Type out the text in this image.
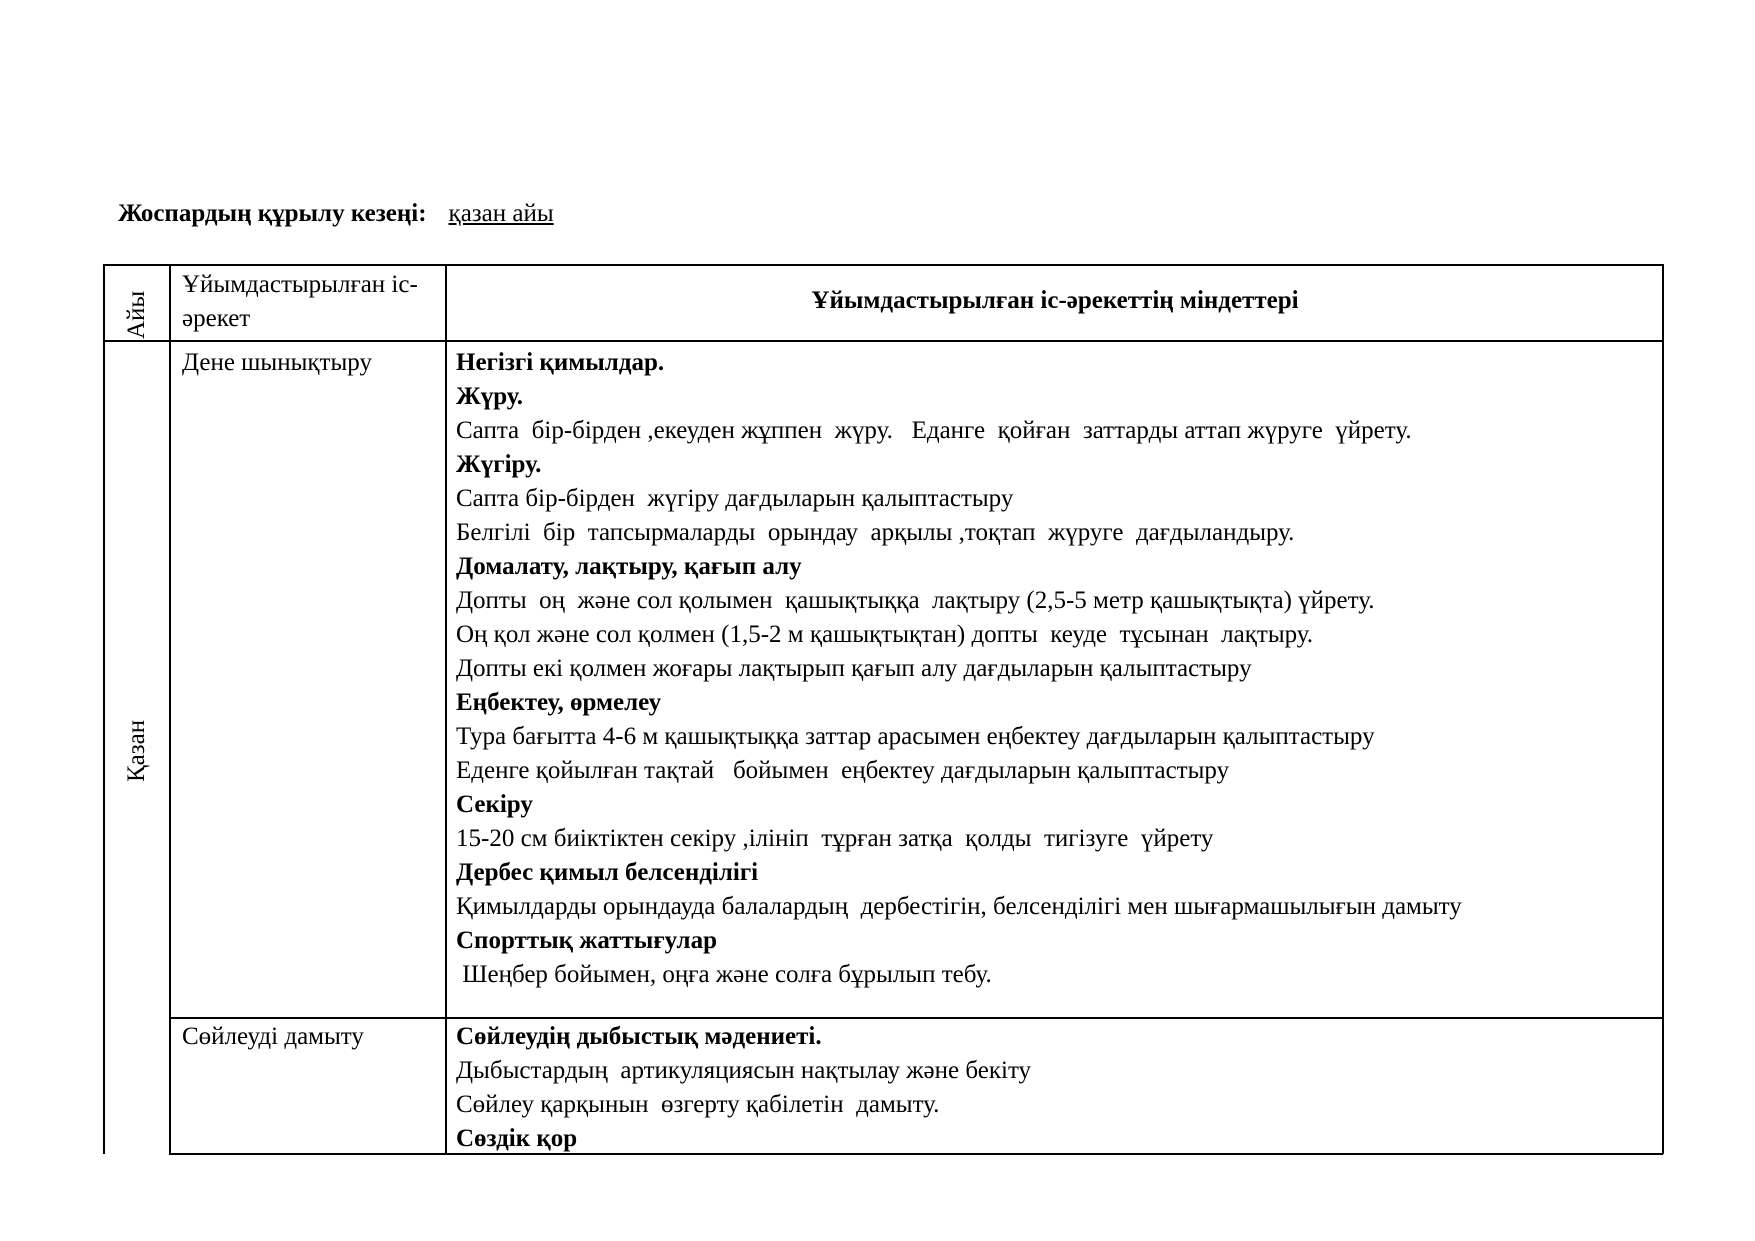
Жоспардың құрылу кезеңі: қазан айы
Айы
Ұйымдастырылған іс-әрекет
Ұйымдастырылған іс-әрекеттің міндеттері
Қазан
Дене шынықтыру	Негізгі қимылдар.
Жүру.
Сапта  бір-бірден ,екеуден жұппен  жүру.   Еданге  қойған  заттарды аттап жүруге  үйрету.
Жүгіру.
Сапта бір-бірден  жүгіру дағдыларын қалыптастыру
Белгілі  бір  тапсырмаларды  орындау  арқылы ,тоқтап  жүруге  дағдыландыру.
Домалату, лақтыру, қағып алу
Допты  оң  және сол қолымен  қашықтыққа  лақтыру (2,5-5 метр қашықтықта) үйрету.
Оң қол және сол қолмен (1,5-2 м қашықтықтан) допты  кеуде  тұсынан  лақтыру.
Допты екі қолмен жоғары лақтырып қағып алу дағдыларын қалыптастыру
Еңбектеу, өрмелеу
Тура бағытта 4-6 м қашықтыққа заттар арасымен еңбектеу дағдыларын қалыптастыру
Еденге қойылған тақтай   бойымен  еңбектеу дағдыларын қалыптастыру
Секіру
15-20 см биіктіктен секіру ,ілініп  тұрған затқа  қолды  тигізуге  үйрету
Дербес қимыл белсенділігі
Қимылдарды орындауда балалардың  дербестігін, белсенділігі мен шығармашылығын дамыту
Спорттық жаттығулар
Шеңбер бойымен, оңға және солға бұрылып тебу.
Сөйлеуді дамыту	Сөйлеудің дыбыстық мәдениеті.
Дыбыстардың  артикуляциясын нақтылау және бекіту
Сөйлеу қарқынын  өзгерту қабілетін  дамыту.
Сөздік қор
